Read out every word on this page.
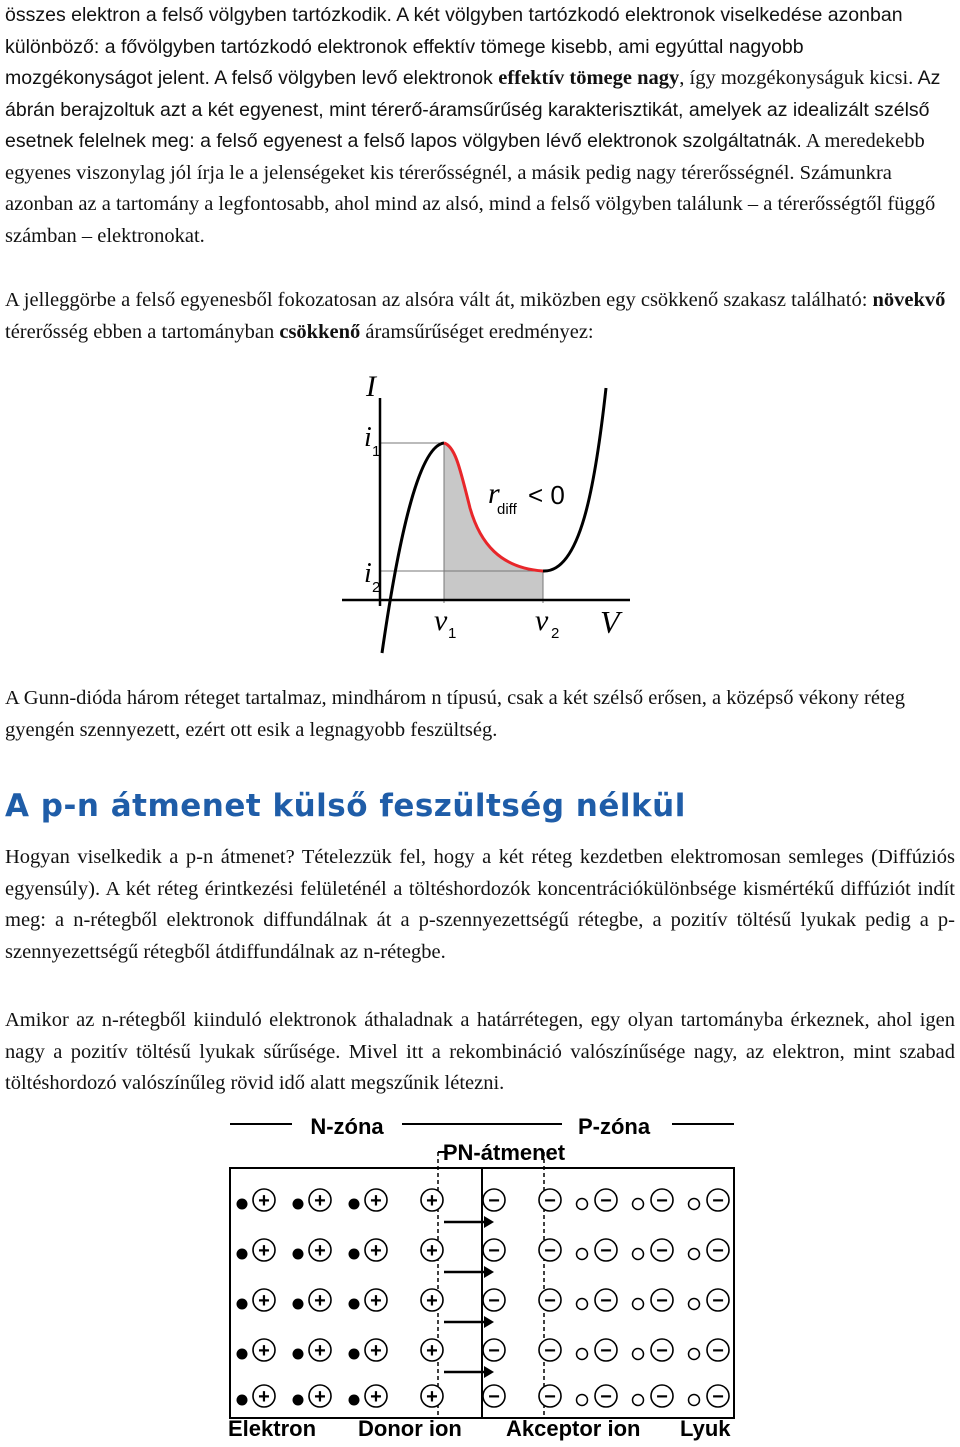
összes elektron a felső völgyben tartózkodik. A két völgyben tartózkodó elektronok viselkedése azonban különböző: a fővölgyben tartózkodó elektronok effektív tömege kisebb, ami egyúttal nagyobb mozgékonyságot jelent. A felső völgyben levő elektronok effektív tömege nagy, így mozgékonyságuk kicsi. Az ábrán berajzoltuk azt a két egyenest, mint térerő-áramsűrűség karakterisztikát, amelyek az idealizált szélső esetnek felelnek meg: a felső egyenest a felső lapos völgyben lévő elektronok szolgáltatnák. A meredekebb egyenes viszonylag jól írja le a jelenségeket kis térerősségnél, a másik pedig nagy térerősségnél. Számunkra azonban az a tartomány a legfontosabb, ahol mind az alsó, mind a felső völgyben találunk – a térerősségtől függő számban – elektronokat.

A jelleggörbe a felső egyenesből fokozatosan az alsóra vált át, miközben egy csökkenő szakasz található: növekvő térerősség ebben a tartományban csökkenő áramsűrűséget eredményez:

I
i 1
i 2
v 1	v 2 V
r
diff < 0

A Gunn-dióda három réteget tartalmaz, mindhárom n típusú, csak a két szélső erősen, a középső vékony réteg gyengén szennyezett, ezért ott esik a legnagyobb feszültség.

A p-n átmenet külső feszültség nélkül

Hogyan viselkedik a p-n átmenet? Tételezzük fel, hogy a két réteg kezdetben elektromosan semleges (Diffúziós egyensúly). A két réteg érintkezési felületénél a töltéshordozók koncentrációkülönbsége kismértékű diffúziót indít meg: a n-rétegből elektronok diffundálnak át a p-szennyezettségű rétegbe, a pozitív töltésű lyukak pedig a p-szennyezettségű rétegből átdiffundálnak az n-rétegbe.

Amikor az n-rétegből kiinduló elektronok áthaladnak a határrétegen, egy olyan tartományba érkeznek, ahol igen nagy a pozitív töltésű lyukak sűrűsége. Mivel itt a rekombináció valószínűsége nagy, az elektron, mint szabad töltéshordozó valószínűleg rövid idő alatt megszűnik létezni.

N-zóna	P-zóna
PN-átmenet
+ + + +	− − − − −
+ + + +	− − − − −
+ + + +	− − − − −
+ + + +	− − − − −
+ + + +	− − − − −
Elektron Donor ion Akceptor ion Lyuk
